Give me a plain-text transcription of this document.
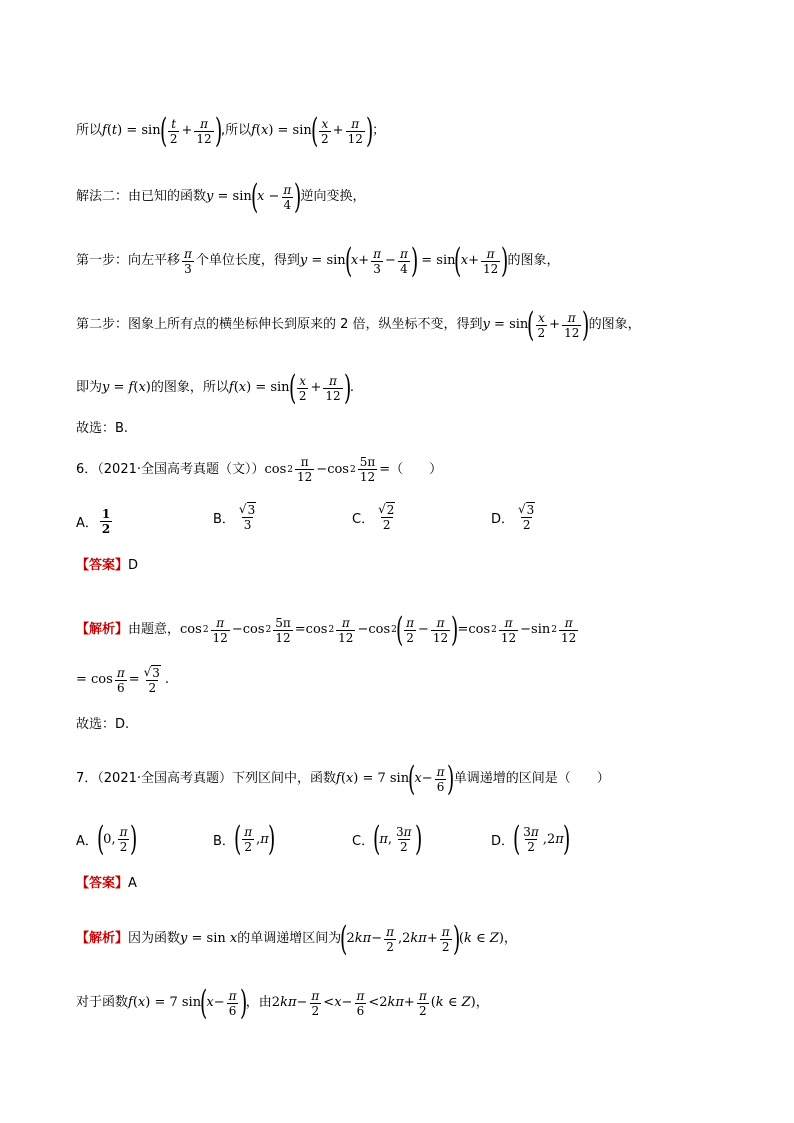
所以 f ( t ) = sin
( $\frac{t}{2} + \frac{\pi}{12}$ )
,所以 f ( x ) = sin
( $\frac{x}{2} + \frac{\pi}{12}$ )
；
解法二：由已知的函数 y = sin
(
$x - \frac{\pi}{4}$ )
逆向变换，
第一步：向左平移 $\frac{\pi}{3}$ 个单位长度，得到 y = sin
(
$x + \frac{\pi}{3} - \frac{\pi}{4}$ )
= sin
(
$x + \frac{\pi}{12}$ )
的图象，
第二步：图象上所有点的横坐标伸长到原来的 2 倍，纵坐标不变，得到 y = sin
( $\frac{x}{2} + \frac{\pi}{12}$ )
的图象，
即为 y = f ( x ) 的图象，所以 f ( x ) = sin
( $\frac{x}{2} + \frac{\pi}{12}$ )
.
故选：B.
6．（2021·全国高考真题（文）） $\cos 2 \frac{\pi}{12} -\cos$ $2 \frac{5\pi}{12}$ = （　　）
A． $\frac{1}{2}$	B． $\frac{√ 3}{3}$	C． $\frac{√ 2}{2}$	D． $\frac{√ 3}{2}$
【答案】 D
【解析】 由题意， $\cos 2 \frac{\pi}{12} -\cos$ $2 \frac{5\pi}{12} =\cos$ $2 \frac{\pi}{12} -\cos$ 2
( $\frac{\pi}{2} - \frac{\pi}{12}$ )
=cos $2 \frac{\pi}{12} -\sin$ $2 \frac{\pi}{12}$
= $\cos \frac{\pi}{6} = \frac{√ 3}{2}$ .
故选：D.
7．（2021·全国高考真题）下列区间中，函数 f ( x ) = 7 sin
(
$x - \frac{\pi}{6}$ )
单调递增的区间是（　　）
A．
(
0, $\frac{\pi}{2}$ )	B．
( $\frac{\pi}{2}$ , π
)	C．
(
π , $\frac{3\pi}{2}$ )	D．
( $\frac{3\pi}{2} ,2$ π
)
【答案】 A
【解析】 因为函数 y = sin x 的单调递增区间为
(
2 $k\pi - \frac{\pi}{2} ,2$ $k\pi + \frac{\pi}{2}$ )
( k ∈ Z ) ，
对于函数 f ( x ) = 7 sin
(
$x - \frac{\pi}{6}$ )
，由 2 $k\pi - \frac{\pi}{2} < x - \frac{\pi}{6} <2$ $k\pi + \frac{\pi}{2}$ ( k ∈ Z ) ，
